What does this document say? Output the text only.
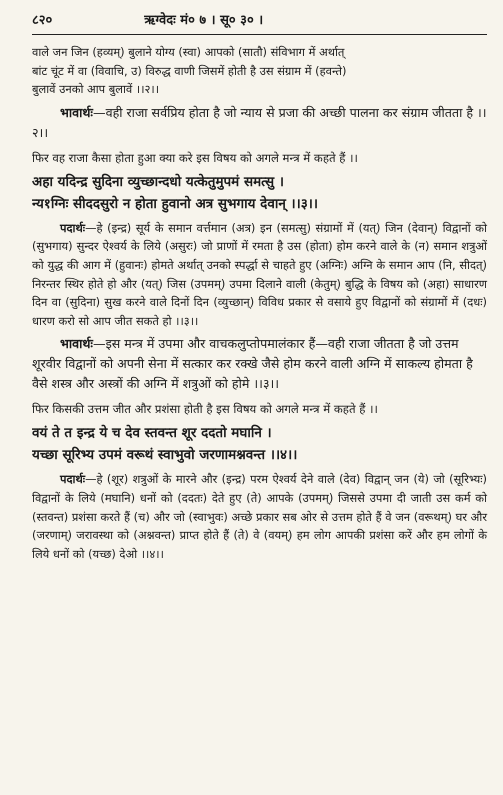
८२०	ऋग्वेदः मं० ७ । सू० ३० ।

वाले जन जिन (हव्यम्) बुलाने योग्य (स्वा) आपको (सातौ) संविभाग में अर्थात्

बांट चूंट में वा (विवाचि, उ) विरुद्ध वाणी जिसमें होती है उस संग्राम में (हवन्ते)

बुलावें उनको आप बुलावें ।।२।।

भावार्थः—वही राजा सर्वप्रिय होता है जो न्याय से प्रजा की अच्छी पालना कर संग्राम जीतता है ।।२।।

फिर वह राजा कैसा होता हुआ क्या करे इस विषय को अगले मन्त्र में कहते हैं ।।

अहा यदिन्द्र सुदिना व्युच्छान्दधो यत्केतुमुपमं समत्सु ।

न्य१ग्निः सीददसुरो न होता हुवानो अत्र सुभगाय देवान् ।।३।।

पदार्थः—हे (इन्द्र) सूर्य के समान वर्त्तमान (अत्र) इन (समत्सु) संग्रामों में (यत्) जिन (देवान्) विद्वानों को (सुभगाय) सुन्दर ऐश्वर्य के लिये (असुरः) जो प्राणों में रमता है उस (होता) होम करने वाले के (न) समान शत्रुओं को युद्ध की आग में (हुवानः) होमते अर्थात् उनको स्पर्द्धा से चाहते हुए (अग्निः) अग्नि के समान आप (नि, सीदत्) निरन्तर स्थिर होते हो और (यत्) जिस (उपमम्) उपमा दिलाने वाली (केतुम्) बुद्धि के विषय को (अहा) साधारण दिन वा (सुदिना) सुख करने वाले दिनों दिन (व्युच्छान्) विविध प्रकार से वसाये हुए विद्वानों को संग्रामों में (दधः) धारण करो सो आप जीत सकते हो ।।३।।

भावार्थः—इस मन्त्र में उपमा और वाचकलुप्तोपमालंकार हैं—वही राजा जीतता है जो उत्तम शूरवीर विद्वानों को अपनी सेना में सत्कार कर रक्खे जैसे होम करने वाली अग्नि में साकल्य होमता है वैसे शस्त्र और अस्त्रों की अग्नि में शत्रुओं को होमे ।।३।।

फिर किसकी उत्तम जीत और प्रशंसा होती है इस विषय को अगले मन्त्र में कहते हैं ।।

वयं ते त इन्द्र ये च देव स्तवन्त शूर ददतो मघानि ।

यच्छा सूरिभ्य उपमं वरूथं स्वाभुवो जरणामश्नवन्त ।।४।।

पदार्थः—हे (शूर) शत्रुओं के मारने और (इन्द्र) परम ऐश्वर्य देने वाले (देव) विद्वान् जन (ये) जो (सूरिभ्यः) विद्वानों के लिये (मघानि) धनों को (ददतः) देते हुए (ते) आपके (उपमम्) जिससे उपमा दी जाती उस कर्म को (स्तवन्त) प्रशंसा करते हैं (च) और जो (स्वाभुवः) अच्छे प्रकार सब ओर से उत्तम होते हैं वे जन (वरूथम्) घर और (जरणाम्) जरावस्था को (अश्नवन्त) प्राप्त होते हैं (ते) वे (वयम्) हम लोग आपकी प्रशंसा करें और हम लोगों के लिये धनों को (यच्छ) देओ ।।४।।
